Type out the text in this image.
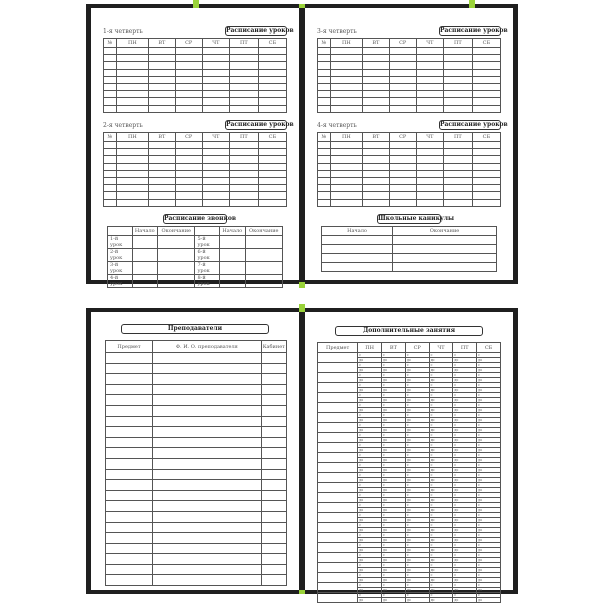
1-я четверть	Расписание уроков
№	ПН	ВТ	СР	ЧТ	ПТ	СБ

2-я четверть	Расписание уроков
№	ПН	ВТ	СР	ЧТ	ПТ	СБ

Расписание звонков
	Начало	Окончание		Начало	Окончание
1-й урок			5-й урок		
2-й урок			6-й урок		
3-й урок			7-й урок		
4-й урок			8-й урок		
3-я четверть	Расписание уроков
№	ПН	ВТ	СР	ЧТ	ПТ	СБ

4-я четверть	Расписание уроков
№	ПН	ВТ	СР	ЧТ	ПТ	СБ

Школьные каникулы
Начало	Окончание

Преподаватели
Предмет	Ф. И. О. преподавателя	Кабинет

Дополнительные занятия
Предмет	ПН	ВТ	СР	ЧТ	ПТ	СБ
	с	с	с	с	с	с
	до	до	до	до	до	до
	с	с	с	с	с	с
	до	до	до	до	до	до
	с	с	с	с	с	с
	до	до	до	до	до	до
	с	с	с	с	с	с
	до	до	до	до	до	до
	с	с	с	с	с	с
	до	до	до	до	до	до
	с	с	с	с	с	с
	до	до	до	до	до	до
	с	с	с	с	с	с
	до	до	до	до	до	до
	с	с	с	с	с	с
	до	до	до	до	до	до
	с	с	с	с	с	с
	до	до	до	до	до	до
	с	с	с	с	с	с
	до	до	до	до	до	до
	с	с	с	с	с	с
	до	до	до	до	до	до
	с	с	с	с	с	с
	до	до	до	до	до	до
	с	с	с	с	с	с
	до	до	до	до	до	до
	с	с	с	с	с	с
	до	до	до	до	до	до
	с	с	с	с	с	с
	до	до	до	до	до	до
	с	с	с	с	с	с
	до	до	до	до	до	до
	с	с	с	с	с	с
	до	до	до	до	до	до
	с	с	с	с	с	с
	до	до	до	до	до	до
	с	с	с	с	с	с
	до	до	до	до	до	до
	с	с	с	с	с	с
	до	до	до	до	до	до
	с	с	с	с	с	с
	до	до	до	до	до	до
	с	с	с	с	с	с
	до	до	до	до	до	до
	с	с	с	с	с	с
	до	до	до	до	до	до
	с	с	с	с	с	с
	до	до	до	до	до	до
	с	с	с	с	с	с
	до	до	до	до	до	до
